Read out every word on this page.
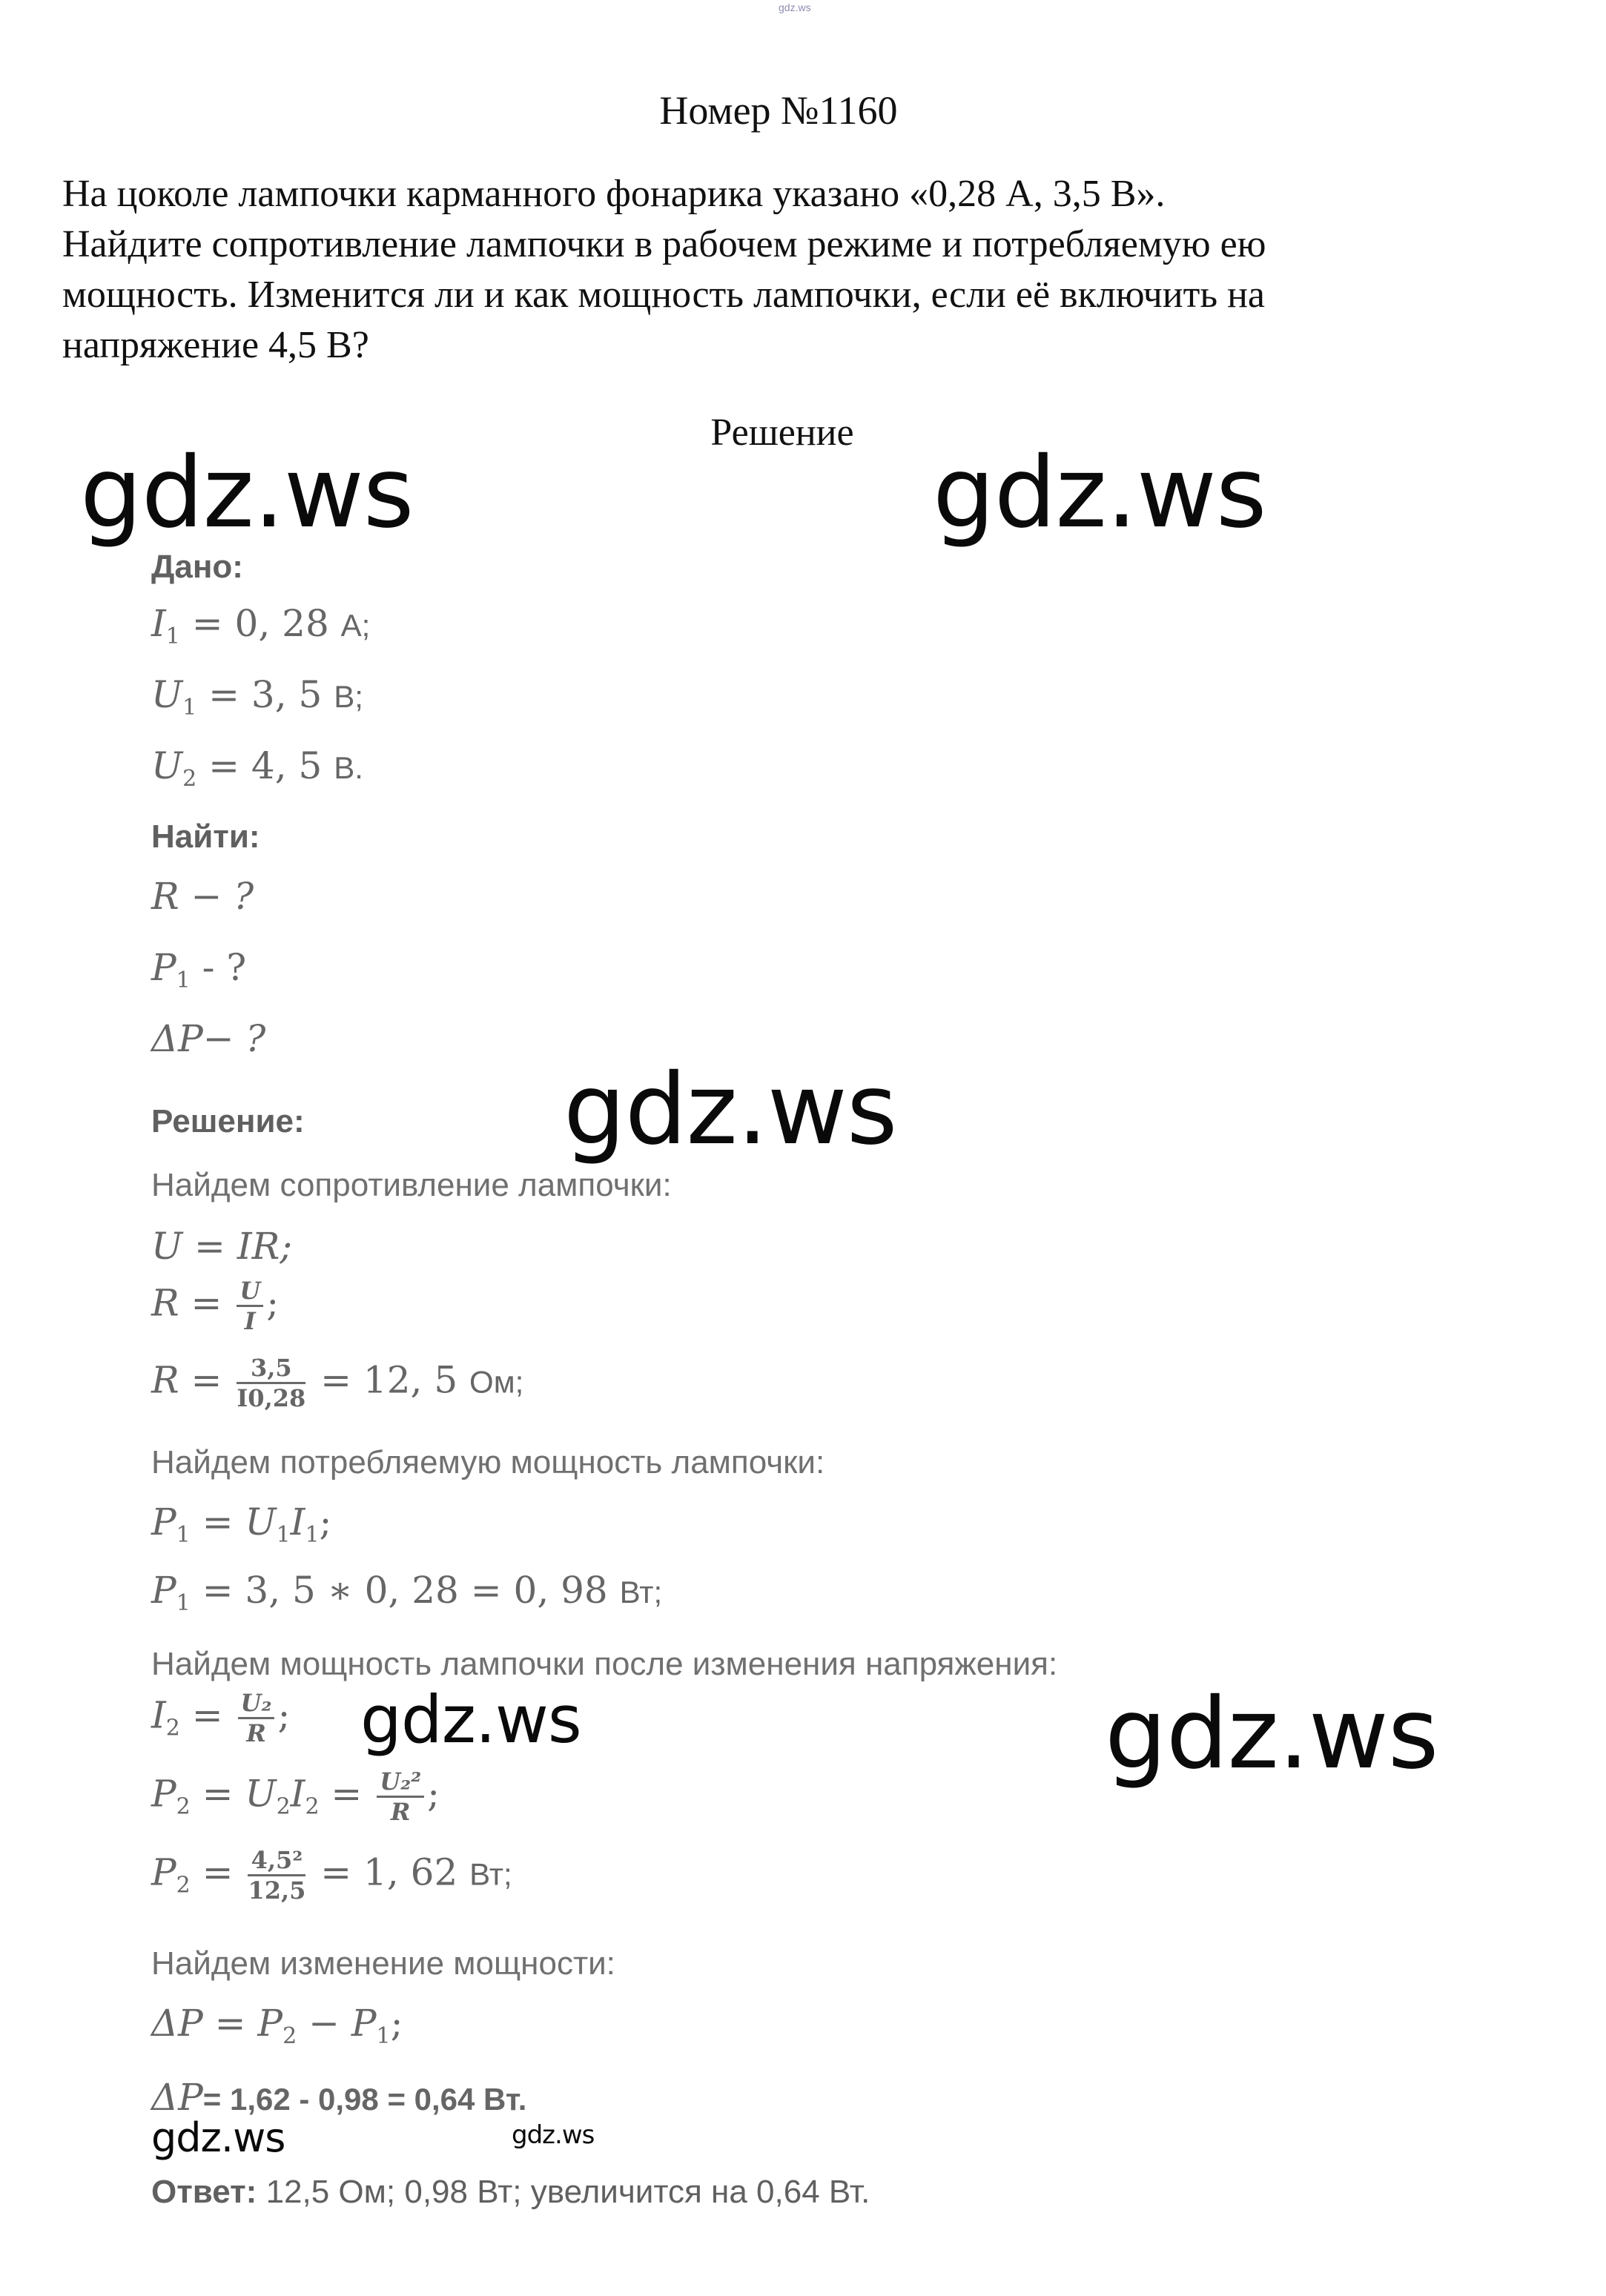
gdz.ws
Номер №1160
На цоколе лампочки карманного фонарика указано «0,28 А, 3,5 В».
Найдите сопротивление лампочки в рабочем режиме и потребляемую ею
мощность. Изменится ли и как мощность лампочки, если её включить на
напряжение 4,5 В?
Решение
gdz.ws	gdz.ws
gdz.ws
gdz.ws	gdz.ws
gdz.ws	gdz.ws
Дано:
$I_1 = 0$, 28 А;
$U_1 = 3$, 5 В;
$U_2 = 4$, 5 В.
Найти:
R − ?
$P_1$ - ?
ΔP− ?
Решение:
Найдем сопротивление лампочки:
U = IR;
$R = \frac{U}{I}$ ;
$R = \frac{3,5}{I0,28} = 12$, 5 Ом;
Найдем потребляемую мощность лампочки:
$P_1 = U_1I_1$;
$P_1 = 3$, 5 ∗ 0, 28 = 0, 98 Вт;
Найдем мощность лампочки после изменения напряжения:
$I_2 = \frac{\text{U₂}}{R}$ ;
$P_2 = U_2I_2 = \frac{\text{U₂²}}{R}$ ;
$P_2 = \frac{\text{4,5²}}{12,5} = 1$, 62 Вт;
Найдем изменение мощности:
$\Delta P = P_2 - P_1$;
ΔP= 1,62 - 0,98 = 0,64 Вт.
Ответ: 12,5 Ом; 0,98 Вт; увеличится на 0,64 Вт.
